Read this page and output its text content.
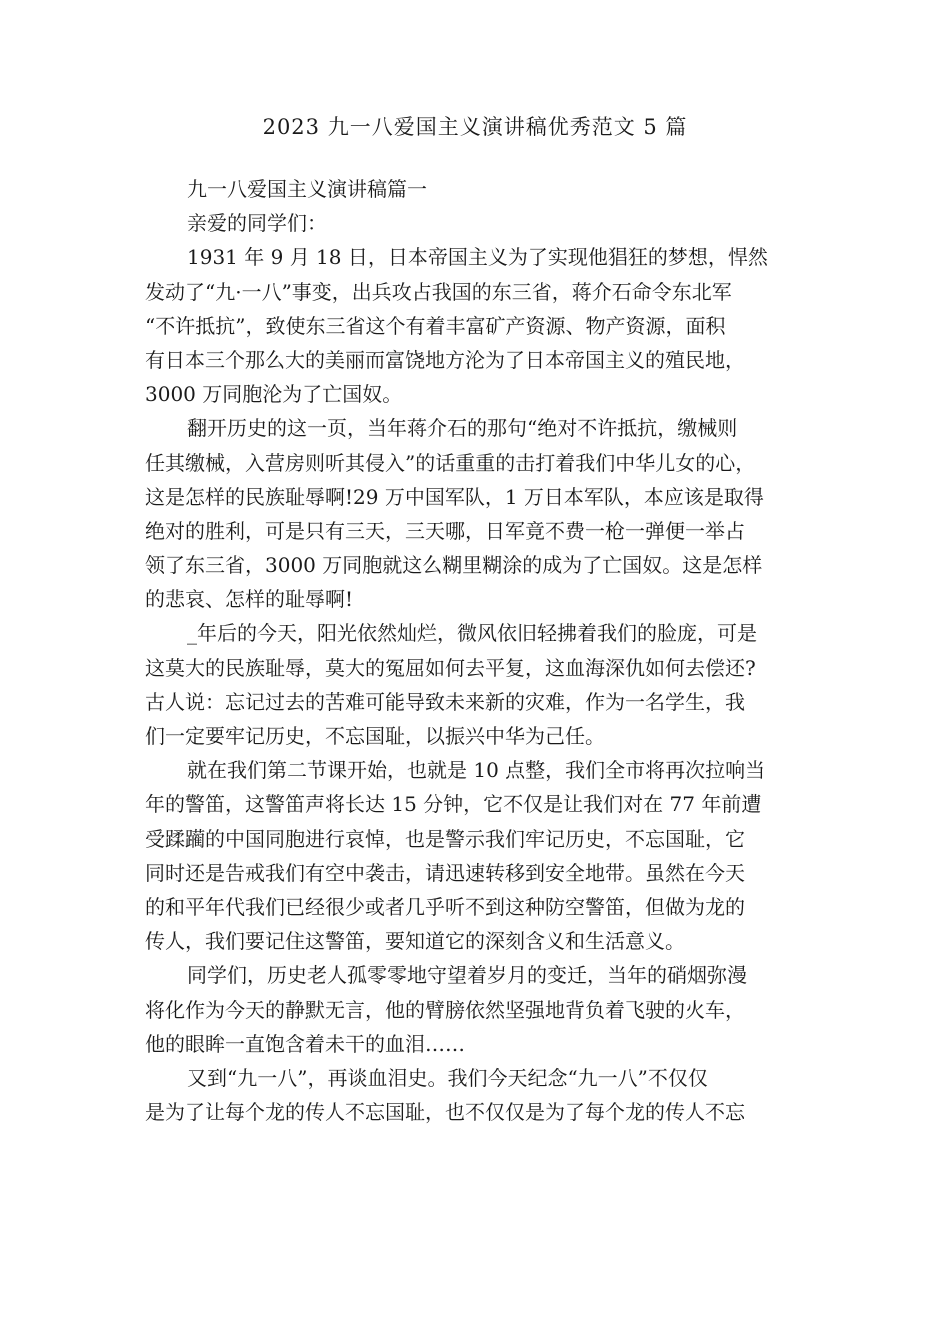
2023 九一八爱国主义演讲稿优秀范文 5 篇
九一八爱国主义演讲稿篇一
亲爱的同学们：
1931 年 9 月 18 日，日本帝国主义为了实现他猖狂的梦想，悍然
发动了“九·一八”事变，出兵攻占我国的东三省，蒋介石命令东北军
“不许抵抗”，致使东三省这个有着丰富矿产资源、物产资源，面积
有日本三个那么大的美丽而富饶地方沦为了日本帝国主义的殖民地，
3000 万同胞沦为了亡国奴。
翻开历史的这一页，当年蒋介石的那句“绝对不许抵抗，缴械则
任其缴械，入营房则听其侵入”的话重重的击打着我们中华儿女的心，
这是怎样的民族耻辱啊!29 万中国军队，1 万日本军队，本应该是取得
绝对的胜利，可是只有三天，三天哪，日军竟不费一枪一弹便一举占
领了东三省，3000 万同胞就这么糊里糊涂的成为了亡国奴。这是怎样
的悲哀、怎样的耻辱啊!
_年后的今天，阳光依然灿烂，微风依旧轻拂着我们的脸庞，可是
这莫大的民族耻辱，莫大的冤屈如何去平复，这血海深仇如何去偿还?
古人说：忘记过去的苦难可能导致未来新的灾难，作为一名学生，我
们一定要牢记历史，不忘国耻，以振兴中华为己任。
就在我们第二节课开始，也就是 10 点整，我们全市将再次拉响当
年的警笛，这警笛声将长达 15 分钟，它不仅是让我们对在 77 年前遭
受蹂躏的中国同胞进行哀悼，也是警示我们牢记历史，不忘国耻，它
同时还是告戒我们有空中袭击，请迅速转移到安全地带。虽然在今天
的和平年代我们已经很少或者几乎听不到这种防空警笛，但做为龙的
传人，我们要记住这警笛，要知道它的深刻含义和生活意义。
同学们，历史老人孤零零地守望着岁月的变迁，当年的硝烟弥漫
将化作为今天的静默无言，他的臂膀依然坚强地背负着飞驶的火车，
他的眼眸一直饱含着未干的血泪……
又到“九一八”，再谈血泪史。我们今天纪念“九一八”不仅仅
是为了让每个龙的传人不忘国耻，也不仅仅是为了每个龙的传人不忘
